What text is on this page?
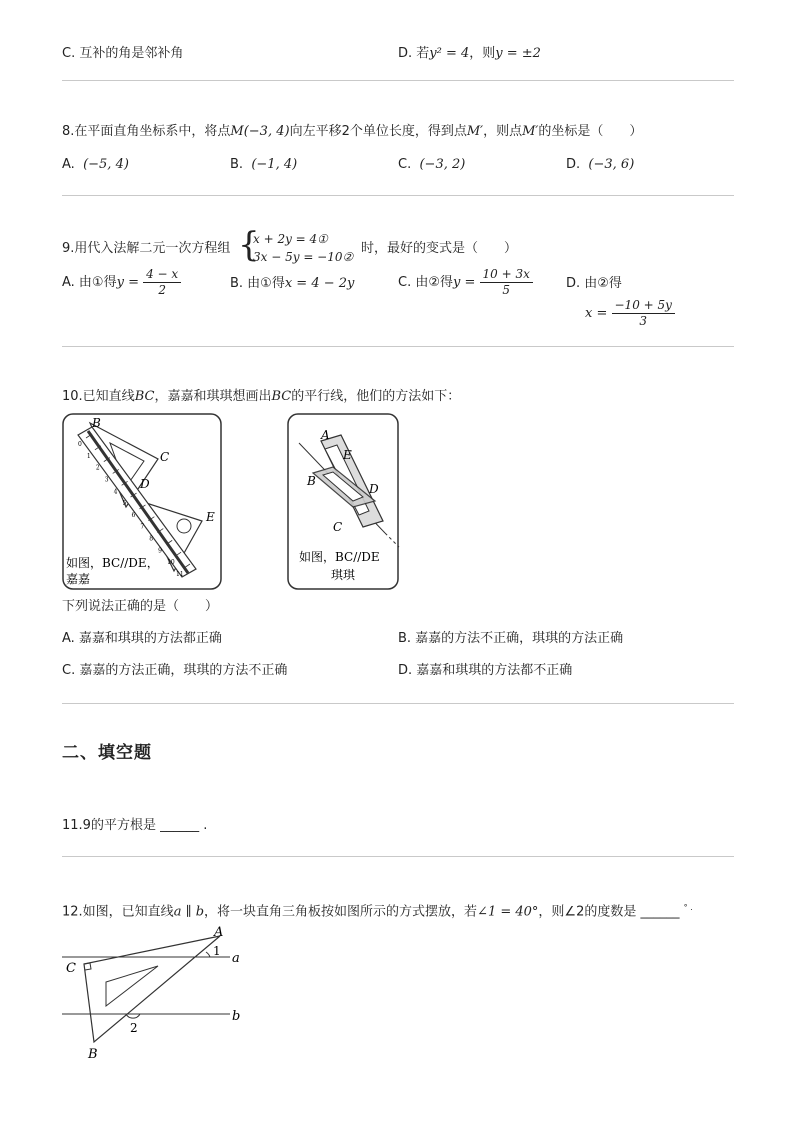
C. 互补的角是邻补角	D. 若y² = 4，则y = ±2
8.在平面直角坐标系中，将点M(−3, 4)向左平移2个单位长度，得到点M′，则点M′的坐标是（　　）
A. (−5, 4)	B. (−1, 4)	C. (−3, 2)	D. (−3, 6)
9.用代入法解二元一次方程组 {
x + 2y = 4①
3x − 5y = −10②
时，最好的变式是（　　）
A. 由①得$y = \frac{4 - x}{2}$	B. 由①得x = 4 − 2y	C. 由②得$y = \frac{10 + 3x}{5}$	D. 由②得
$x = \frac{-10 + 5y}{3}$
10.已知直线BC，嘉嘉和琪琪想画出BC的平行线，他们的方法如下：
0
1
2
3
4
5
6
7
8
9
10
11
B
C
D
E
如图，BC//DE，
嘉嘉
A
E
B
D
C
如图，BC//DE
琪琪
下列说法正确的是（　　）
A. 嘉嘉和琪琪的方法都正确	B. 嘉嘉的方法不正确，琪琪的方法正确
C. 嘉嘉的方法正确，琪琪的方法不正确	D. 嘉嘉和琪琪的方法都不正确
二、填空题
11.9的平方根是 ______ .
12.如图，已知直线a ∥ b，将一块直角三角板按如图所示的方式摆放，若∠1 = 40°，则∠2的度数是 ______ ° .
A
C
a
1
b
2
B
